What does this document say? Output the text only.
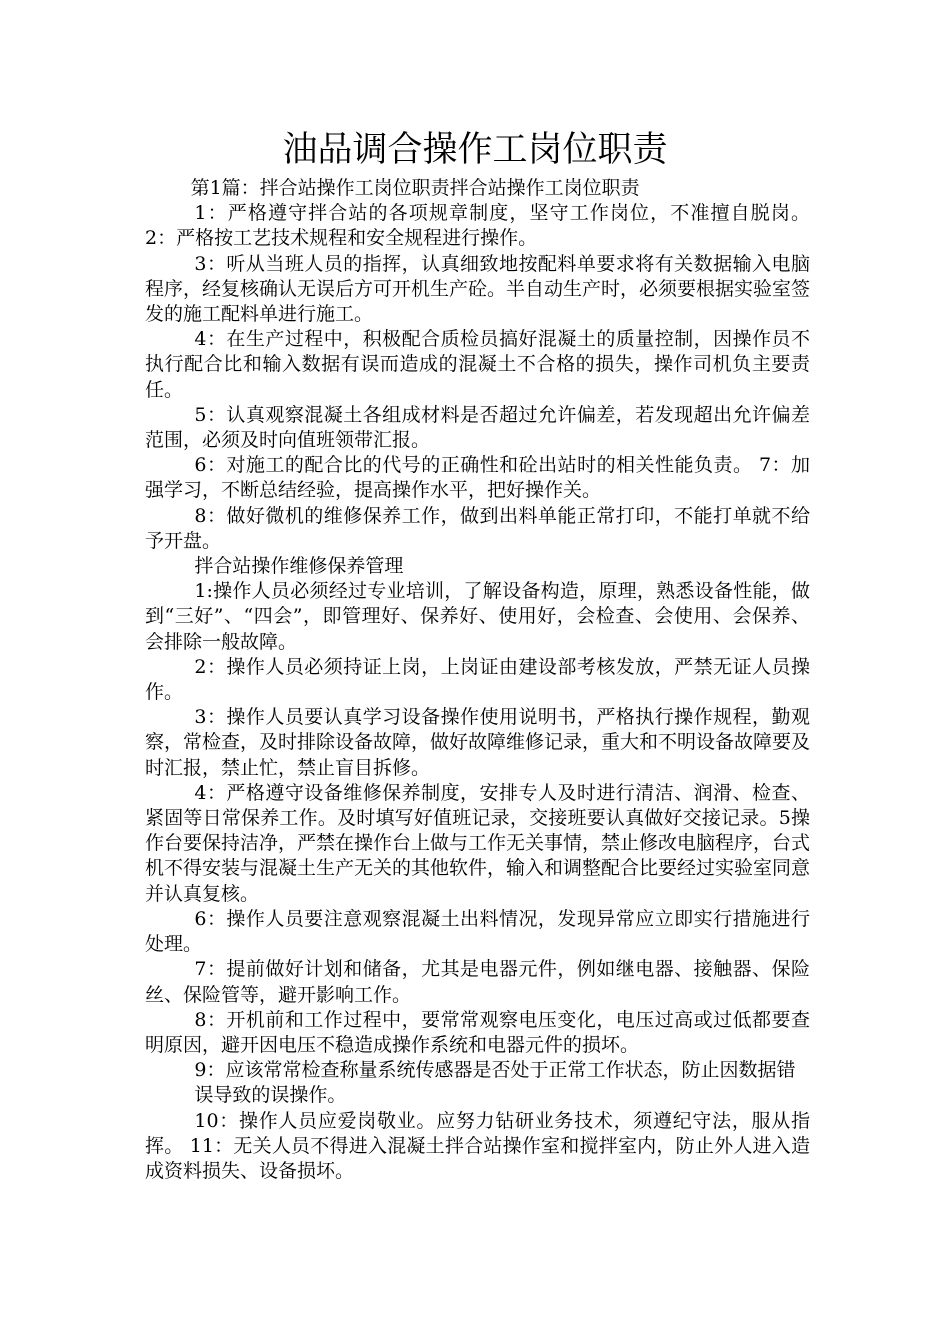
油品调合操作工岗位职责

第1篇：拌合站操作工岗位职责拌合站操作工岗位职责

1：严格遵守拌合站的各项规章制度，坚守工作岗位，不准擅自脱岗。 2：严格按工艺技术规程和安全规程进行操作。

3：听从当班人员的指挥，认真细致地按配料单要求将有关数据输入电脑程序，经复核确认无误后方可开机生产砼。半自动生产时，必须要根据实验室签发的施工配料单进行施工。

4：在生产过程中，积极配合质检员搞好混凝土的质量控制，因操作员不执行配合比和输入数据有误而造成的混凝土不合格的损失，操作司机负主要责任。

5：认真观察混凝土各组成材料是否超过允许偏差，若发现超出允许偏差范围，必须及时向值班领带汇报。

6：对施工的配合比的代号的正确性和砼出站时的相关性能负责。 7：加强学习，不断总结经验，提高操作水平，把好操作关。

8：做好微机的维修保养工作，做到出料单能正常打印，不能打单就不给予开盘。

拌合站操作维修保养管理

1:操作人员必须经过专业培训，了解设备构造，原理，熟悉设备性能，做到“三好”、“四会”，即管理好、保养好、使用好，会检查、会使用、会保养、会排除一般故障。

2：操作人员必须持证上岗，上岗证由建设部考核发放，严禁无证人员操作。

3：操作人员要认真学习设备操作使用说明书，严格执行操作规程，勤观察，常检查，及时排除设备故障，做好故障维修记录，重大和不明设备故障要及时汇报，禁止忙，禁止盲目拆修。

4：严格遵守设备维修保养制度，安排专人及时进行清洁、润滑、检查、紧固等日常保养工作。及时填写好值班记录，交接班要认真做好交接记录。5操作台要保持洁净，严禁在操作台上做与工作无关事情，禁止修改电脑程序，台式机不得安装与混凝土生产无关的其他软件，输入和调整配合比要经过实验室同意并认真复核。

6：操作人员要注意观察混凝土出料情况，发现异常应立即实行措施进行处理。

7：提前做好计划和储备，尤其是电器元件，例如继电器、接触器、保险丝、保险管等，避开影响工作。

8：开机前和工作过程中，要常常观察电压变化，电压过高或过低都要查明原因，避开因电压不稳造成操作系统和电器元件的损坏。

9：应该常常检查称量系统传感器是否处于正常工作状态，防止因数据错

误导致的误操作。

10：操作人员应爱岗敬业。应努力钻研业务技术，须遵纪守法，服从指挥。 11：无关人员不得进入混凝土拌合站操作室和搅拌室内，防止外人进入造成资料损失、设备损坏。
